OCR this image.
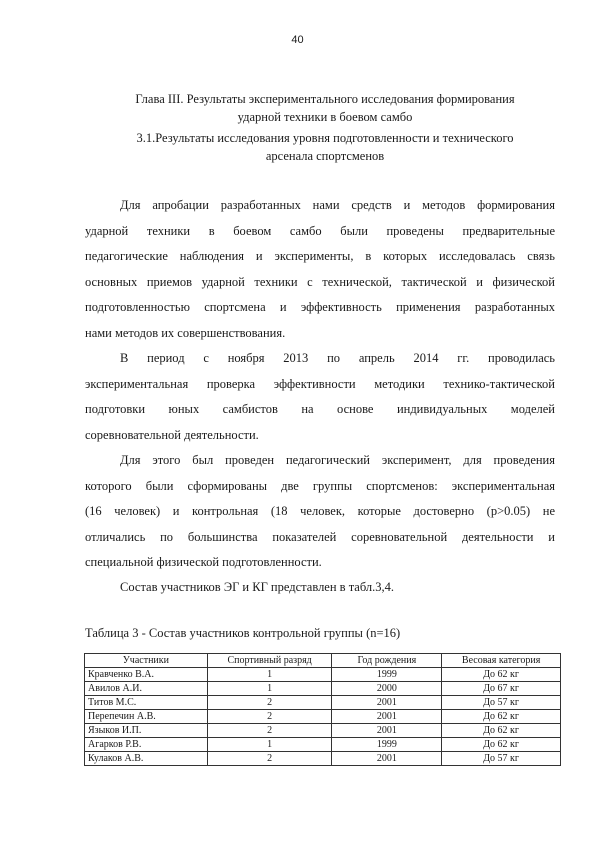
40

Глава III. Результаты экспериментального исследования формирования

ударной техники в боевом самбо

3.1.Результаты исследования уровня подготовленности и технического

арсенала спортсменов

Для апробации разработанных нами средств и методов формирования
ударной техники в боевом самбо были проведены предварительные
педагогические наблюдения и эксперименты, в которых исследовалась связь
основных приемов ударной техники с технической, тактической и физической
подготовленностью спортсмена и эффективность применения разработанных
нами методов их совершенствования.
В период с ноября 2013 по апрель 2014 гг. проводилась
экспериментальная проверка эффективности методики технико-тактической
подготовки юных самбистов на основе индивидуальных моделей
соревновательной деятельности.
Для этого был проведен педагогический эксперимент, для проведения
которого были сформированы две группы спортсменов: экспериментальная
(16 человек) и контрольная (18 человек, которые достоверно (p>0.05) не
отличались по большинства показателей соревновательной деятельности и
специальной физической подготовленности.
Состав участников ЭГ и КГ представлен в табл.3,4.

Таблица 3 - Состав участников контрольной группы (n=16)

Участники	Спортивный разряд	Год рождения	Весовая категория
Кравченко В.А.	1	1999	До 62 кг
Авилов А.И.	1	2000	До 67 кг
Титов М.С.	2	2001	До 57 кг
Перепечин А.В.	2	2001	До 62 кг
Языков И.П.	2	2001	До 62 кг
Агарков Р.В.	1	1999	До 62 кг
Кулаков А.В.	2	2001	До 57 кг
